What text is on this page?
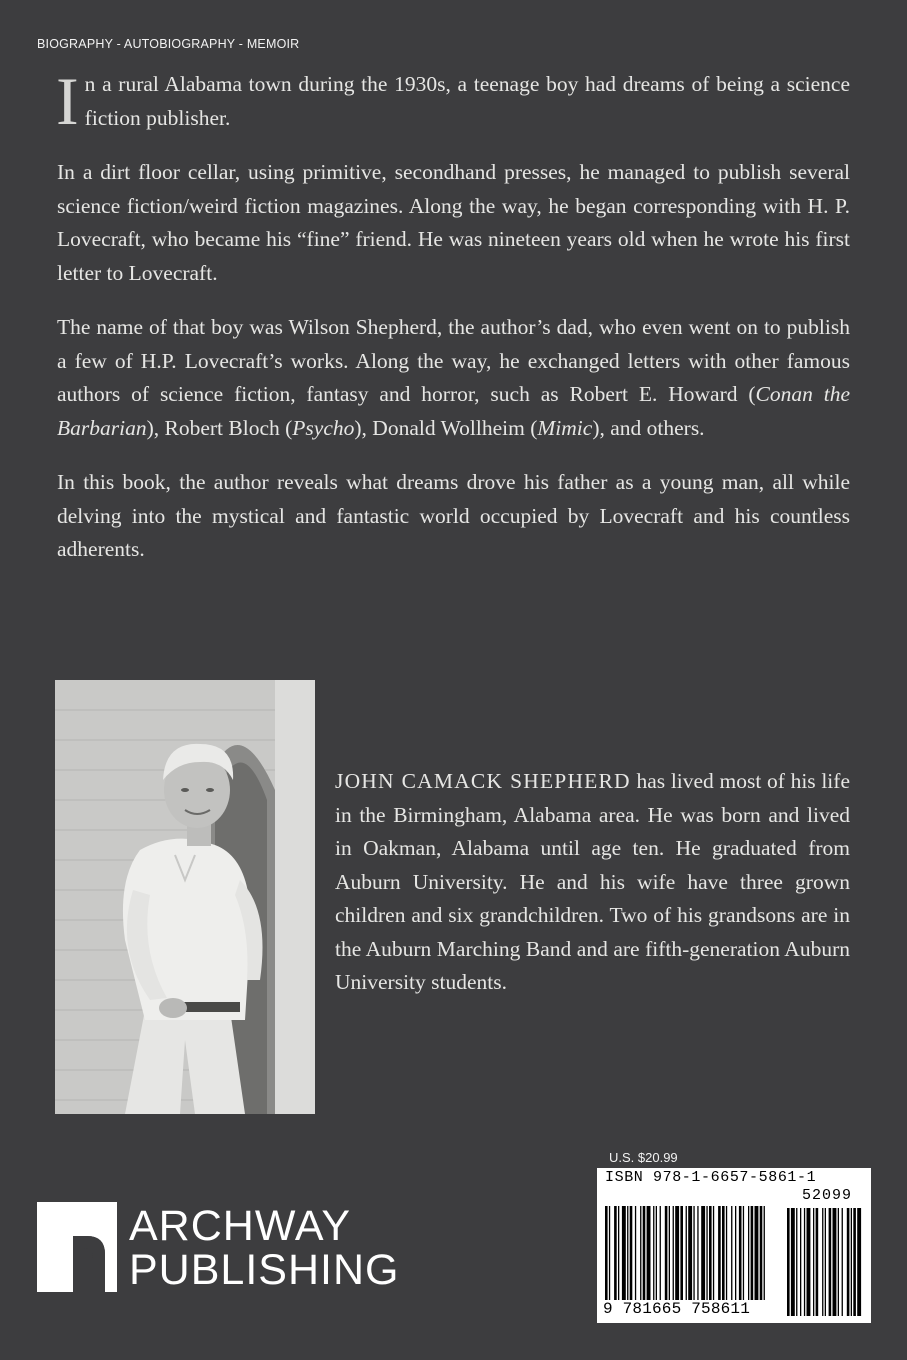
BIOGRAPHY - AUTOBIOGRAPHY - MEMOIR

In a rural Alabama town during the 1930s, a teenage boy had dreams of being a science fiction publisher.

In a dirt floor cellar, using primitive, secondhand presses, he managed to publish several science fiction/weird fiction magazines. Along the way, he began corresponding with H. P. Lovecraft, who became his “fine” friend. He was nineteen years old when he wrote his first letter to Lovecraft.

The name of that boy was Wilson Shepherd, the author’s dad, who even went on to publish a few of H.P. Lovecraft’s works. Along the way, he exchanged letters with other famous authors of science fiction, fantasy and horror, such as Robert E. Howard (Conan the Barbarian), Robert Bloch (Psycho), Donald Wollheim (Mimic), and others.

In this book, the author reveals what dreams drove his father as a young man, all while delving into the mystical and fantastic world occupied by Lovecraft and his countless adherents.

JOHN CAMACK SHEPHERD has lived most of his life in the Birmingham, Alabama area. He was born and lived in Oakman, Alabama until age ten. He graduated from Auburn University. He and his wife have three grown children and six grandchildren. Two of his grandsons are in the Auburn Marching Band and are fifth-generation Auburn University students.

ARCHWAY
PUBLISHING
U.S. $20.99
ISBN 978-1-6657-5861-1
52099
9 781665 758611
